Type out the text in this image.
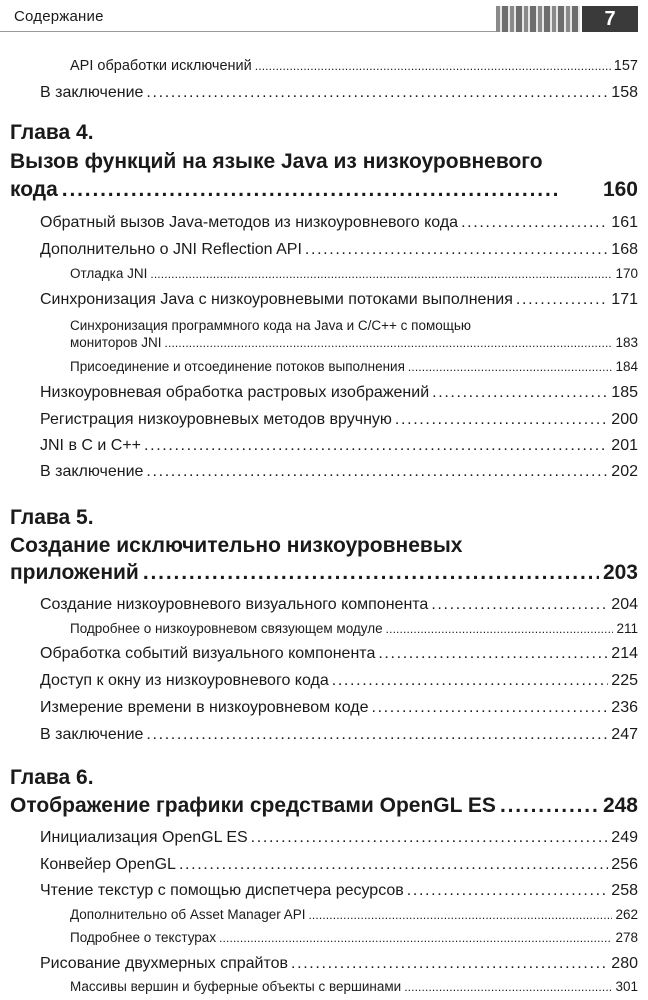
Содержание	7
API обработки исключений . . .	157
В заключение . . .	158
Глава 4.
Вызов функций на языке Java из низкоуровневого
кода . . .	160
Обратный вызов Java-методов из низкоуровневого кода . . .	161
Дополнительно о JNI Reflection API . . .	168
Отладка JNI . . .	170
Синхронизация Java с низкоуровневыми потоками выполнения . . .	171
Синхронизация программного кода на Java и C/C++ с помощью
мониторов JNI . . .	183
Присоединение и отсоединение потоков выполнения . . .	184
Низкоуровневая обработка растровых изображений . . .	185
Регистрация низкоуровневых методов вручную . . .	200
JNI в C и C++ . . .	201
В заключение . . .	202
Глава 5.
Создание исключительно низкоуровневых
приложений . . .	203
Создание низкоуровневого визуального компонента . . .	204
Подробнее о низкоуровневом связующем модуле . . .	211
Обработка событий визуального компонента . . .	214
Доступ к окну из низкоуровневого кода . . .	225
Измерение времени в низкоуровневом коде . . .	236
В заключение . . .	247
Глава 6.
Отображение графики средствами OpenGL ES . . .	248
Инициализация OpenGL ES . . .	249
Конвейер OpenGL . . .	256
Чтение текстур с помощью диспетчера ресурсов . . .	258
Дополнительно об Asset Manager API . . .	262
Подробнее о текстурах . . .	278
Рисование двухмерных спрайтов . . .	280
Массивы вершин и буферные объекты с вершинами . . .	301
